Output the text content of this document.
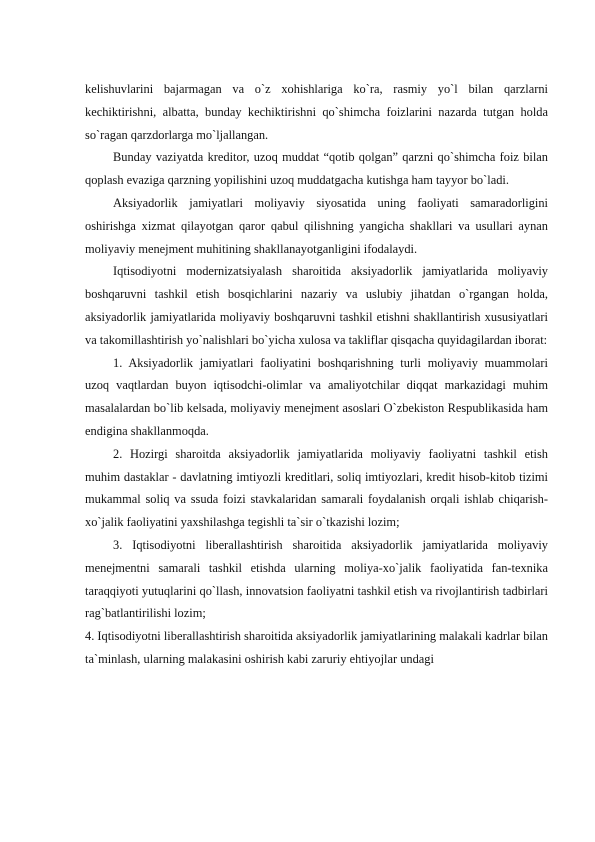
kelishuvlarini bajarmagan va o`z xohishlariga ko`ra, rasmiy yo`l bilan qarzlarni kechiktirishni, albatta, bunday kechiktirishni qo`shimcha foizlarini nazarda tutgan holda so`ragan qarzdorlarga mo`ljallangan.

Bunday vaziyatda kreditor, uzoq muddat “qotib qolgan” qarzni qo`shimcha foiz bilan qoplash evaziga qarzning yopilishini uzoq muddatgacha kutishga ham tayyor bo`ladi.

Aksiyadorlik jamiyatlari moliyaviy siyosatida uning faoliyati samaradorligini oshirishga xizmat qilayotgan qaror qabul qilishning yangicha shakllari va usullari aynan moliyaviy menejment muhitining shakllanayotganligini ifodalaydi.

Iqtisodiyotni modernizatsiyalash sharoitida aksiyadorlik jamiyatlarida moliyaviy boshqaruvni tashkil etish bosqichlarini nazariy va uslubiy jihatdan o`rgangan holda, aksiyadorlik jamiyatlarida moliyaviy boshqaruvni tashkil etishni shakllantirish xususiyatlari va takomillashtirish yo`nalishlari bo`yicha xulosa va takliflar qisqacha quyidagilardan iborat:

1. Aksiyadorlik jamiyatlari faoliyatini boshqarishning turli moliyaviy muammolari uzoq vaqtlardan buyon iqtisodchi-olimlar va amaliyotchilar diqqat markazidagi muhim masalalardan bo`lib kelsada, moliyaviy menejment asoslari O`zbekiston Respublikasida ham endigina shakllanmoqda.

2. Hozirgi sharoitda aksiyadorlik jamiyatlarida moliyaviy faoliyatni tashkil etish muhim dastaklar - davlatning imtiyozli kreditlari, soliq imtiyozlari, kredit hisob-kitob tizimi mukammal soliq va ssuda foizi stavkalaridan samarali foydalanish orqali ishlab chiqarish-xo`jalik faoliyatini yaxshilashga tegishli ta`sir o`tkazishi lozim;

3. Iqtisodiyotni liberallashtirish sharoitida aksiyadorlik jamiyatlarida moliyaviy menejmentni samarali tashkil etishda ularning moliya-xo`jalik faoliyatida fan-texnika taraqqiyoti yutuqlarini qo`llash, innovatsion faoliyatni tashkil etish va rivojlantirish tadbirlari rag`batlantirilishi lozim;

4. Iqtisodiyotni liberallashtirish sharoitida aksiyadorlik jamiyatlarining malakali kadrlar bilan ta`minlash, ularning malakasini oshirish kabi zaruriy ehtiyojlar undagi
